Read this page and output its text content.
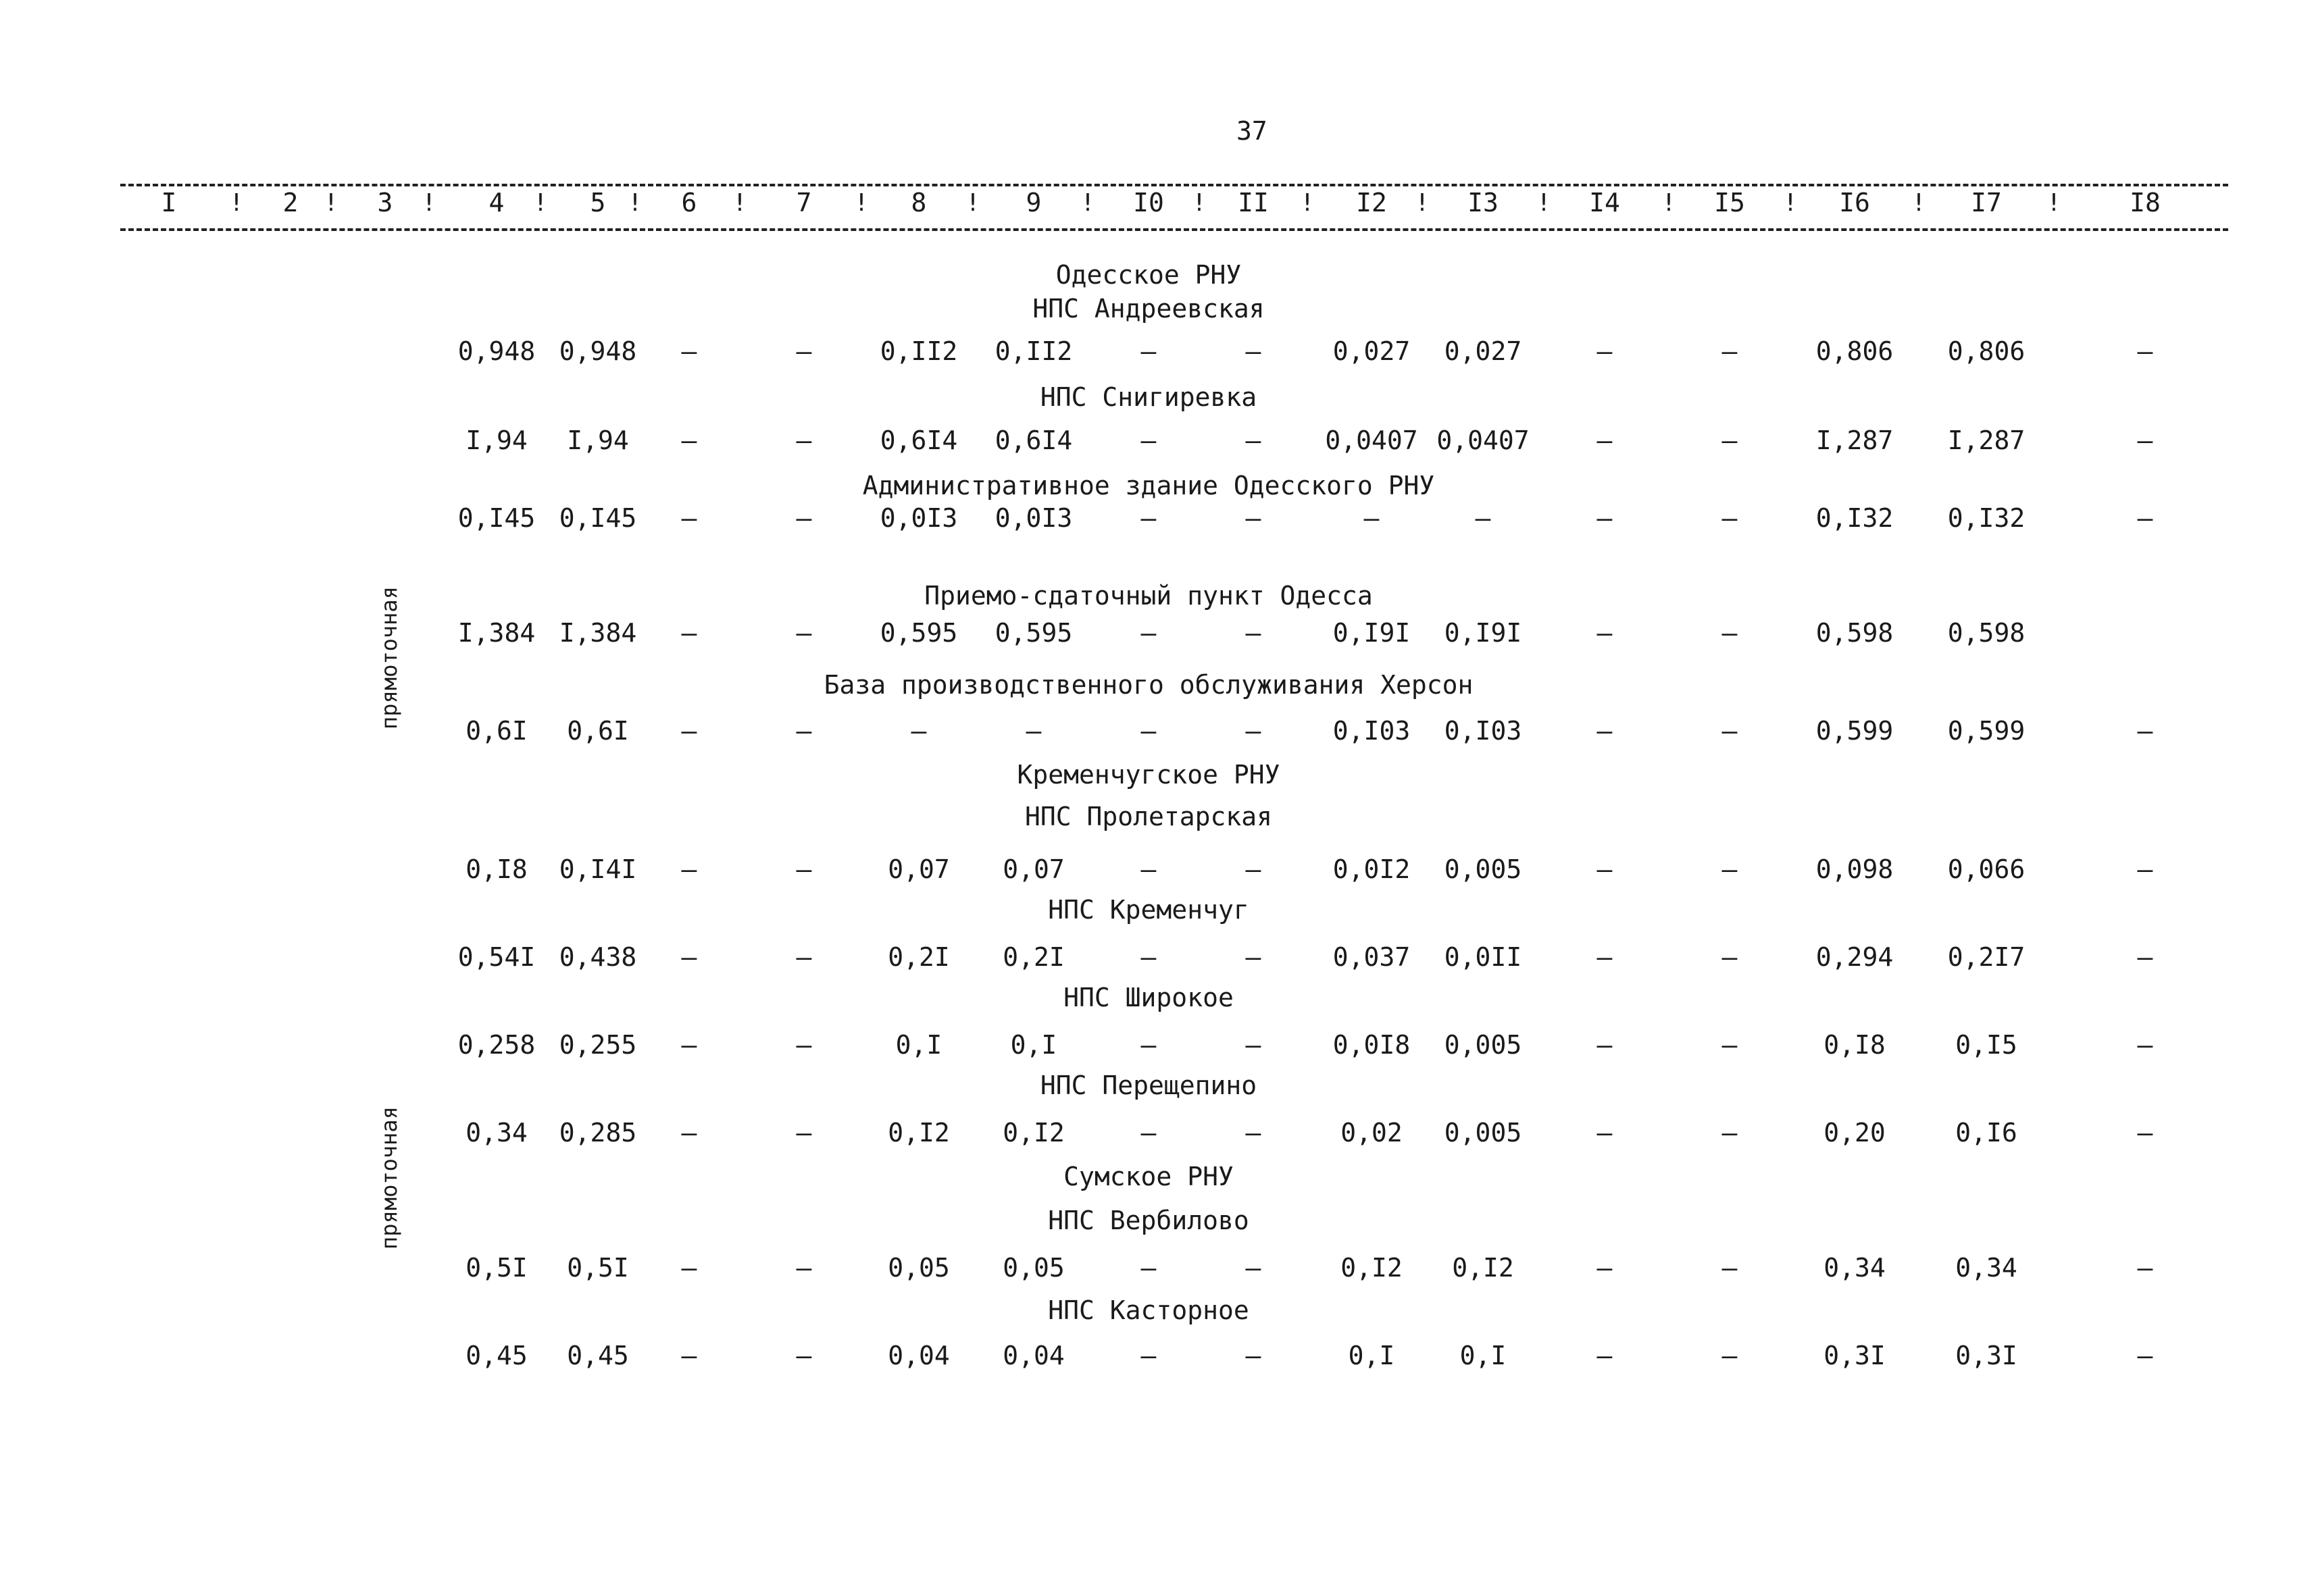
37
I	2	3	4	5	6	7	8	9	I0	II	I2	I3	I4	I5	I6	I7	I8
!	!	!	!	!	!	!	!	!	!	!	!	!	!	!	!	!
прямоточная
прямоточная
Одесское РНУ
НПС Андреевская
0,948 0,948 –	–	0,II2 0,II2	–	–	0,027 0,027	–	–	0,806 0,806	–
НПС Снигиревка
I,94 I,94 –	–	0,6I4 0,6I4	–	– 0,0407 0,0407	–	–	I,287 I,287	–
Административное здание Одесского РНУ
0,I45 0,I45 –	–	0,0I3 0,0I3	–	–	–	–	–	–	0,I32 0,I32	–
Приемо-сдаточный пункт Одесса
I,384 I,384 –	–	0,595 0,595	–	–	0,I9I 0,I9I	–	–	0,598 0,598
База производственного обслуживания Херсон
0,6I 0,6I –	–	–	–	–	–	0,I03 0,I03	–	–	0,599 0,599	–
Кременчугское РНУ
НПС Пролетарская
0,I8 0,I4I –	–	0,07 0,07	–	–	0,0I2 0,005	–	–	0,098 0,066	–
НПС Кременчуг
0,54I 0,438 –	–	0,2I 0,2I	–	–	0,037 0,0II	–	–	0,294 0,2I7	–
НПС Широкое
0,258 0,255 –	–	0,I	0,I	–	–	0,0I8 0,005	–	–	0,I8	0,I5	–
НПС Перещепино
0,34 0,285 –	–	0,I2 0,I2	–	–	0,02 0,005	–	–	0,20	0,I6	–
Сумское РНУ
НПС Вербилово
0,5I 0,5I –	–	0,05 0,05	–	–	0,I2 0,I2	–	–	0,34	0,34	–
НПС Касторное
0,45 0,45 –	–	0,04 0,04	–	–	0,I	0,I	–	–	0,3I	0,3I	–
